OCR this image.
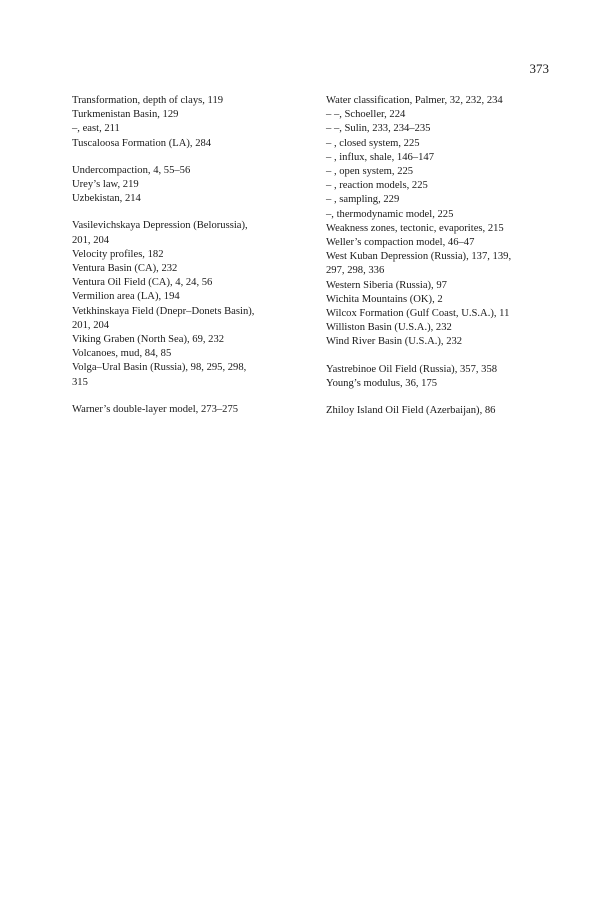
373
Transformation, depth of clays, 119
Turkmenistan Basin, 129
–, east, 211
Tuscaloosa Formation (LA), 284
Undercompaction, 4, 55–56
Urey’s law, 219
Uzbekistan, 214
Vasilevichskaya Depression (Belorussia),
201, 204
Velocity profiles, 182
Ventura Basin (CA), 232
Ventura Oil Field (CA), 4, 24, 56
Vermilion area (LA), 194
Vetkhinskaya Field (Dnepr–Donets Basin),
201, 204
Viking Graben (North Sea), 69, 232
Volcanoes, mud, 84, 85
Volga–Ural Basin (Russia), 98, 295, 298,
315
Warner’s double-layer model, 273–275
Water classification, Palmer, 32, 232, 234
– –, Schoeller, 224
– –, Sulin, 233, 234–235
– , closed system, 225
– , influx, shale, 146–147
– , open system, 225
– , reaction models, 225
– , sampling, 229
–, thermodynamic model, 225
Weakness zones, tectonic, evaporites, 215
Weller’s compaction model, 46–47
West Kuban Depression (Russia), 137, 139,
297, 298, 336
Western Siberia (Russia), 97
Wichita Mountains (OK), 2
Wilcox Formation (Gulf Coast, U.S.A.), 11
Williston Basin (U.S.A.), 232
Wind River Basin (U.S.A.), 232
Yastrebinoe Oil Field (Russia), 357, 358
Young’s modulus, 36, 175
Zhiloy Island Oil Field (Azerbaijan), 86
